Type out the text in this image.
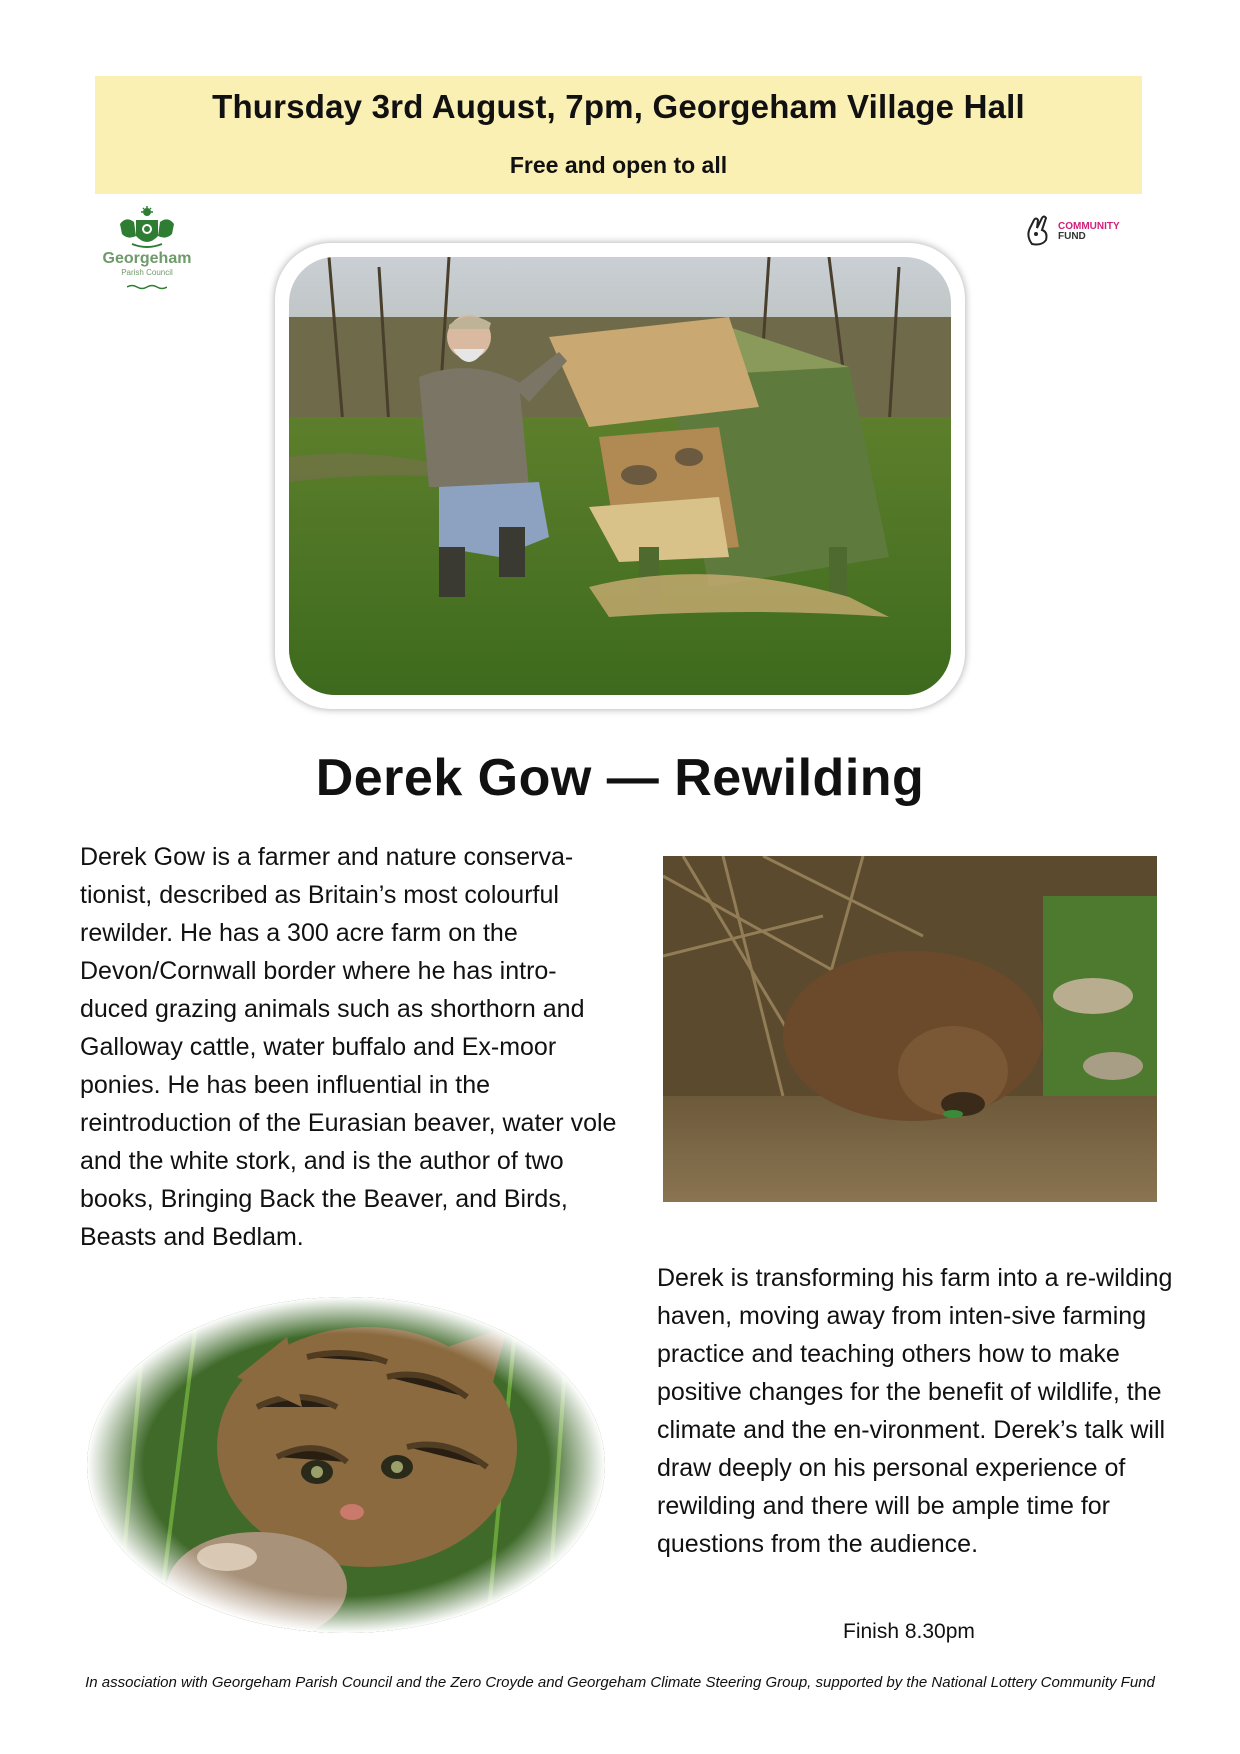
Thursday 3rd August, 7pm, Georgeham Village Hall
Free and open to all
Georgeham
Parish Council
COMMUNITY
FUND
Derek Gow — Rewilding
Derek Gow is a farmer and nature conserva-tionist, described as Britain’s most colourful rewilder. He has a 300 acre farm on the Devon/Cornwall border where he has intro-duced grazing animals such as shorthorn and Galloway cattle, water buffalo and Ex-moor ponies. He has been influential in the reintroduction of the Eurasian beaver, water vole and the white stork, and is the author of two books, Bringing Back the Beaver, and Birds, Beasts and Bedlam.
Derek is transforming his farm into a re-wilding haven, moving away from inten-sive farming practice and teaching others how to make positive changes for the benefit of wildlife, the climate and the en-vironment. Derek’s talk will draw deeply on his personal experience of rewilding and there will be ample time for questions from the audience.
Finish 8.30pm
In association with Georgeham Parish Council and the Zero Croyde and Georgeham Climate Steering Group, supported by the National Lottery Community Fund
